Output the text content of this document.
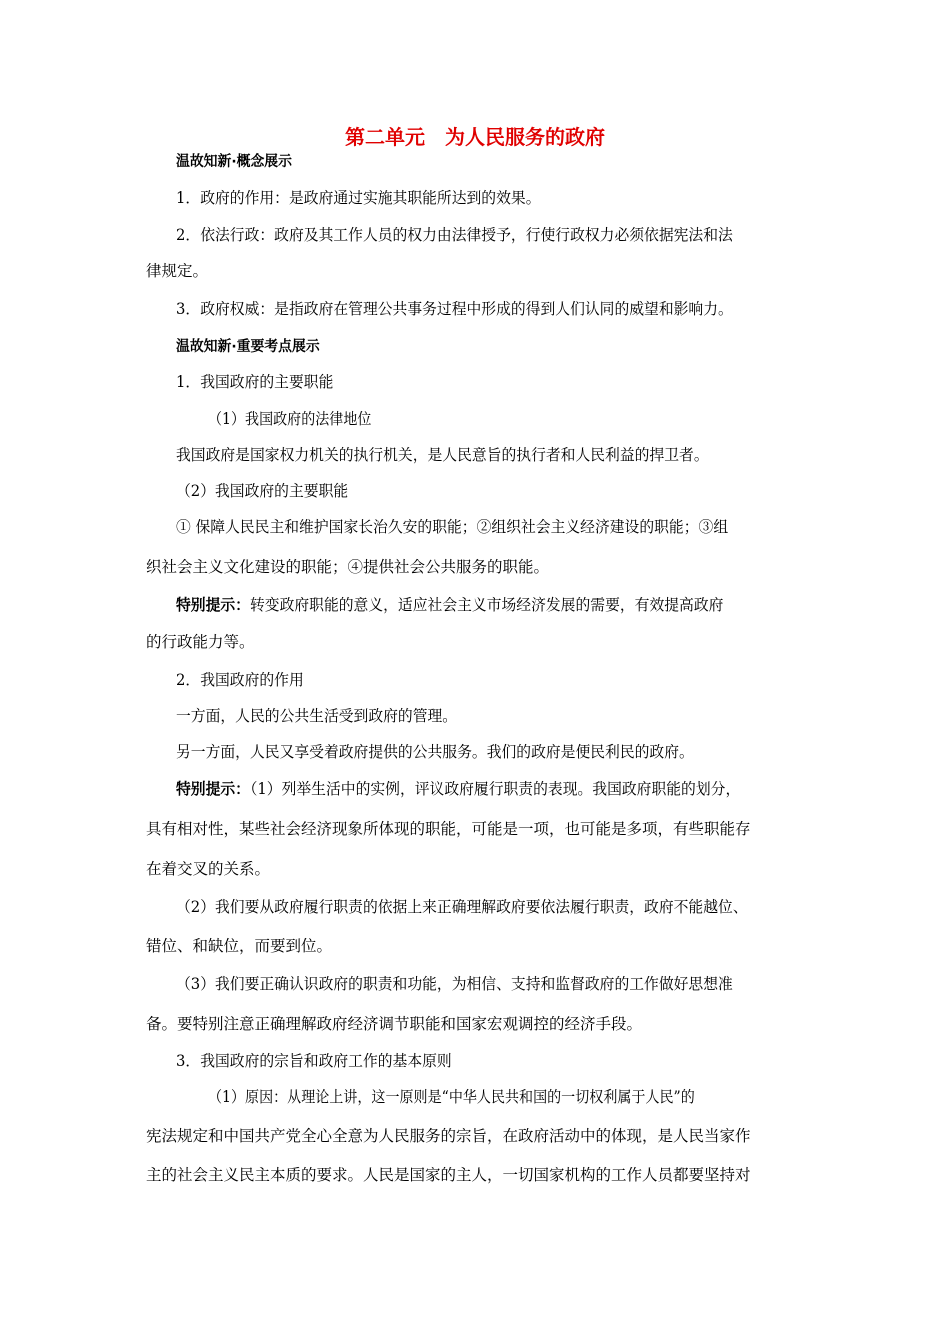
第二单元　为人民服务的政府
温故知新·概念展示
1．政府的作用：是政府通过实施其职能所达到的效果。
2．依法行政：政府及其工作人员的权力由法律授予，行使行政权力必须依据宪法和法
律规定。
3．政府权威：是指政府在管理公共事务过程中形成的得到人们认同的威望和影响力。
温故知新·重要考点展示
1．我国政府的主要职能
（1）我国政府的法律地位
我国政府是国家权力机关的执行机关，是人民意旨的执行者和人民利益的捍卫者。
（2）我国政府的主要职能
① 保障人民民主和维护国家长治久安的职能；②组织社会主义经济建设的职能；③组
织社会主义文化建设的职能；④提供社会公共服务的职能。
特别提示：转变政府职能的意义，适应社会主义市场经济发展的需要，有效提高政府
的行政能力等。
2．我国政府的作用
一方面，人民的公共生活受到政府的管理。
另一方面，人民又享受着政府提供的公共服务。我们的政府是便民利民的政府。
特别提示：（1）列举生活中的实例，评议政府履行职责的表现。我国政府职能的划分，
具有相对性，某些社会经济现象所体现的职能，可能是一项，也可能是多项，有些职能存
在着交叉的关系。
（2）我们要从政府履行职责的依据上来正确理解政府要依法履行职责，政府不能越位、
错位、和缺位，而要到位。
（3）我们要正确认识政府的职责和功能，为相信、支持和监督政府的工作做好思想准
备。要特别注意正确理解政府经济调节职能和国家宏观调控的经济手段。
3．我国政府的宗旨和政府工作的基本原则
（1）原因：从理论上讲，这一原则是“中华人民共和国的一切权利属于人民”的
宪法规定和中国共产党全心全意为人民服务的宗旨，在政府活动中的体现，是人民当家作
主的社会主义民主本质的要求。人民是国家的主人，一切国家机构的工作人员都要坚持对
